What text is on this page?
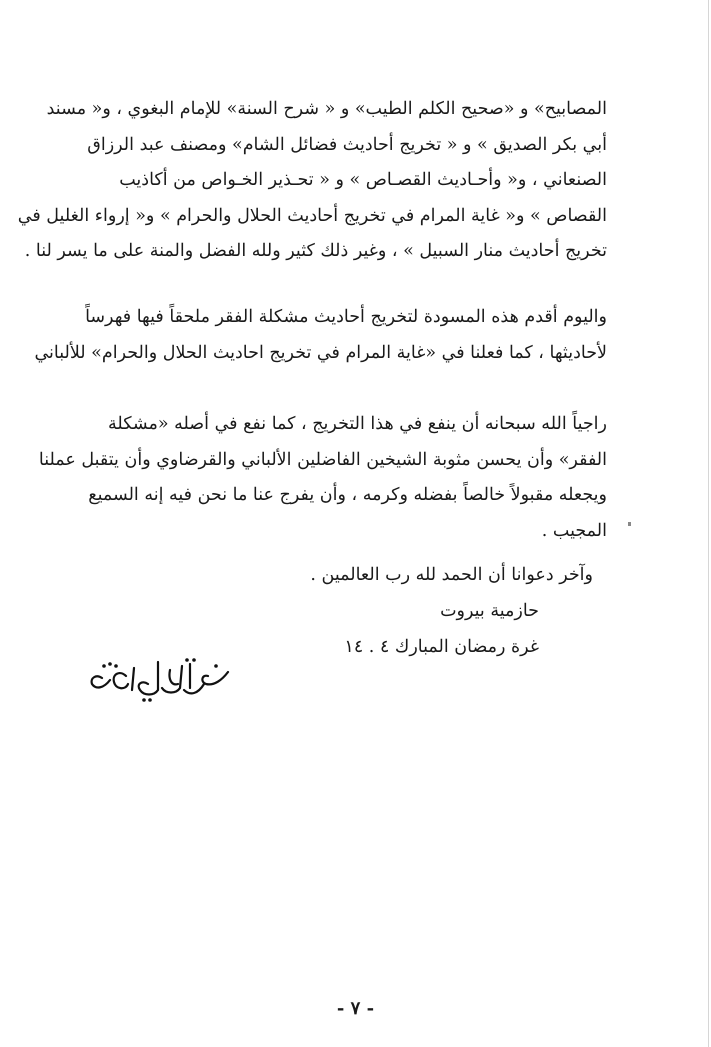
المصابيح» و «صحيح الكلم الطيب» و « شرح السنة» للإمام البغوي ، و« مسند
أبي بكر الصديق » و « تخريج أحاديث فضائل الشام» ومصنف عبد الرزاق
الصنعاني ، و« وأحـاديث القصـاص » و « تحـذير الخـواص من أكاذيب
القصاص » و« غاية المرام في تخريج أحاديث الحلال والحرام » و« إرواء الغليل في
تخريج أحاديث منار السبيل » ، وغير ذلك كثير ولله الفضل والمنة على ما يسر لنا .
واليوم أقدم هذه المسودة لتخريج أحاديث مشكلة الفقر ملحقاً فيها فهرساً
لأحاديثها ، كما فعلنا في «غاية المرام في تخريج احاديث الحلال والحرام» للألباني
راجياً الله سبحانه أن ينفع في هذا التخريج ، كما نفع في أصله «مشكلة
الفقر» وأن يحسن مثوبة الشيخين الفاضلين الألباني والقرضاوي وأن يتقبل عملنا
ويجعله مقبولاً خالصاً بفضله وكرمه ، وأن يفرج عنا ما نحن فيه إنه السميع
المجيب .
وآخر دعوانا أن الحمد لله رب العالمين .
حازمية بيروت
غرة رمضان المبارك ٤ . ١٤
- ٧ -
